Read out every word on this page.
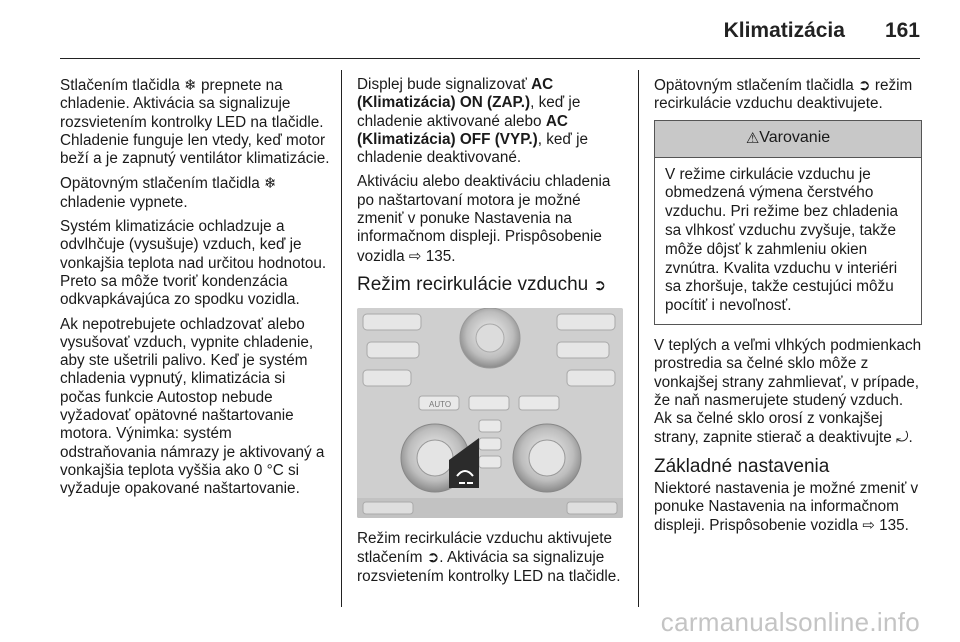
Klimatizácia 161

Stlačením tlačidla ❄ prepnete na chladenie. Aktivácia sa signalizuje rozsvietením kontrolky LED na tlačidle. Chladenie funguje len vtedy, keď motor beží a je zapnutý ventilátor klimatizácie.

Opätovným stlačením tlačidla ❄ chladenie vypnete.

Systém klimatizácie ochladzuje a odvlhčuje (vysušuje) vzduch, keď je vonkajšia teplota nad určitou hodnotou. Preto sa môže tvoriť kondenzácia odkvapkávajúca zo spodku vozidla.

Ak nepotrebujete ochladzovať alebo vysušovať vzduch, vypnite chladenie, aby ste ušetrili palivo. Keď je systém chladenia vypnutý, klimatizácia si počas funkcie Autostop nebude vyžadovať opätovné naštartovanie motora. Výnimka: systém odstraňovania námrazy je aktivovaný a vonkajšia teplota vyššia ako 0 °C si vyžaduje opakované naštartovanie.

Displej bude signalizovať AC (Klimatizácia) ON (ZAP.), keď je chladenie aktivované alebo AC (Klimatizácia) OFF (VYP.), keď je chladenie deaktivované.

Aktiváciu alebo deaktiváciu chladenia po naštartovaní motora je možné zmeniť v ponuke Nastavenia na informačnom displeji. Prispôsobenie vozidla ⇨ 135.

Režim recirkulácie vzduchu ➲
AUTO

Režim recirkulácie vzduchu aktivujete stlačením ➲. Aktivácia sa signalizuje rozsvietením kontrolky LED na tlačidle.

Opätovným stlačením tlačidla ➲ režim recirkulácie vzduchu deaktivujete.

⚠ Varovanie
V režime cirkulácie vzduchu je obmedzená výmena čerstvého vzduchu. Pri režime bez chladenia sa vlhkosť vzduchu zvyšuje, takže môže dôjsť k zahmleniu okien zvnútra. Kvalita vzduchu v interiéri sa zhoršuje, takže cestujúci môžu pocítiť i nevoľnosť.

V teplých a veľmi vlhkých podmienkach prostredia sa čelné sklo môže z vonkajšej strany zahmlievať, v prípade, že naň nasmerujete studený vzduch. Ak sa čelné sklo orosí z vonkajšej strany, zapnite stierač a deaktivujte ⤾.

Základné nastavenia

Niektoré nastavenia je možné zmeniť v ponuke Nastavenia na informačnom displeji. Prispôsobenie vozidla ⇨ 135.

carmanualsonline.info
